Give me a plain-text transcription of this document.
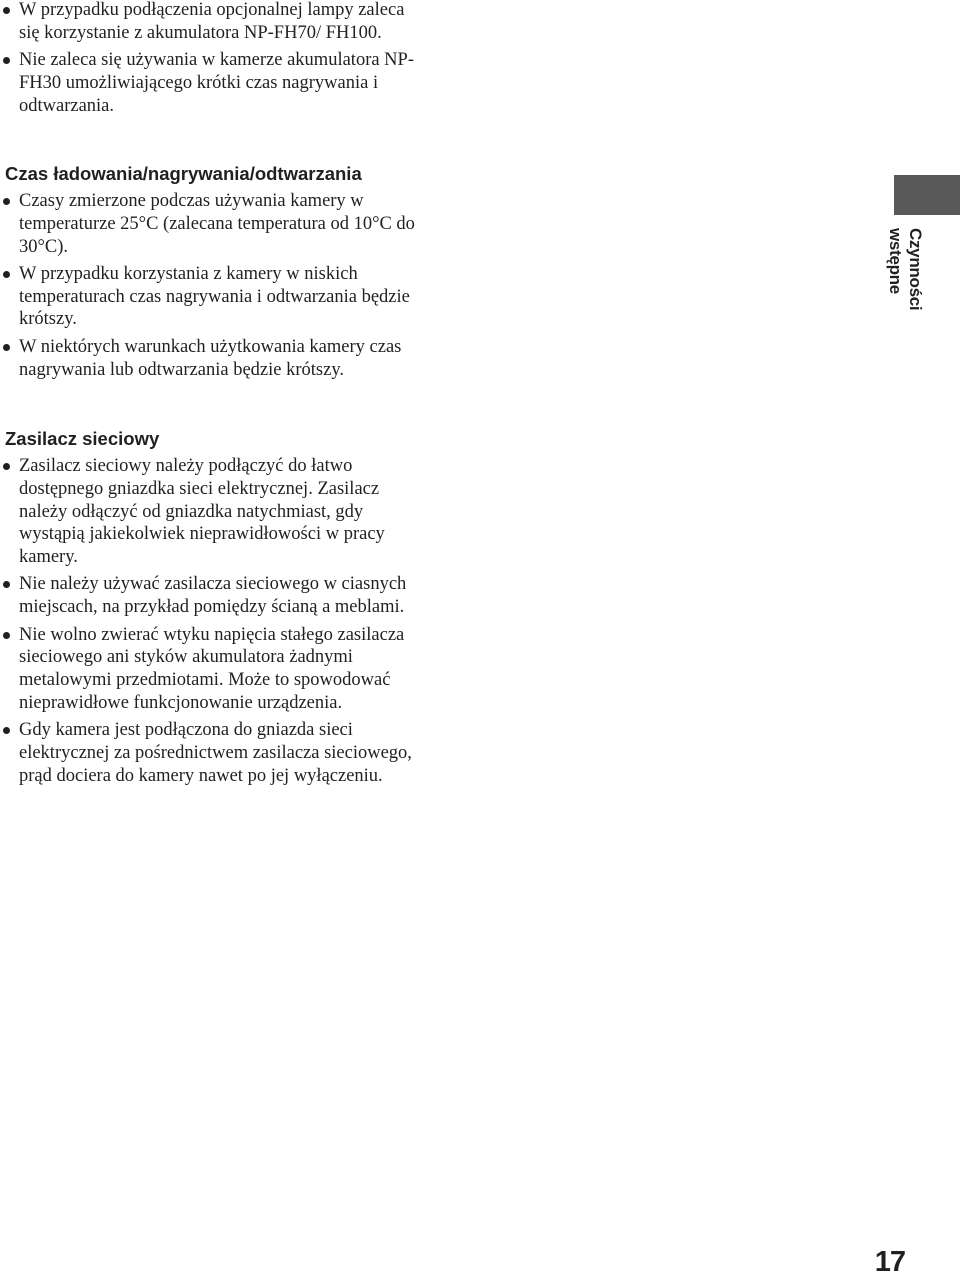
W przypadku podłączenia opcjonalnej lampy zaleca się korzystanie z akumulatora NP-FH70/ FH100.
Nie zaleca się używania w kamerze akumulatora NP-FH30 umożliwiającego krótki czas nagrywania i odtwarzania.
Czas ładowania/nagrywania/odtwarzania
Czasy zmierzone podczas używania kamery w temperaturze 25°C (zalecana temperatura od 10°C do 30°C).
W przypadku korzystania z kamery w niskich temperaturach czas nagrywania i odtwarzania będzie krótszy.
W niektórych warunkach użytkowania kamery czas nagrywania lub odtwarzania będzie krótszy.
Zasilacz sieciowy
Zasilacz sieciowy należy podłączyć do łatwo dostępnego gniazdka sieci elektrycznej. Zasilacz należy odłączyć od gniazdka natychmiast, gdy wystąpią jakiekolwiek nieprawidłowości w pracy kamery.
Nie należy używać zasilacza sieciowego w ciasnych miejscach, na przykład pomiędzy ścianą a meblami.
Nie wolno zwierać wtyku napięcia stałego zasilacza sieciowego ani styków akumulatora żadnymi metalowymi przedmiotami. Może to spowodować nieprawidłowe funkcjonowanie urządzenia.
Gdy kamera jest podłączona do gniazda sieci elektrycznej za pośrednictwem zasilacza sieciowego, prąd dociera do kamery nawet po jej wyłączeniu.
Czynności wstępne
17
